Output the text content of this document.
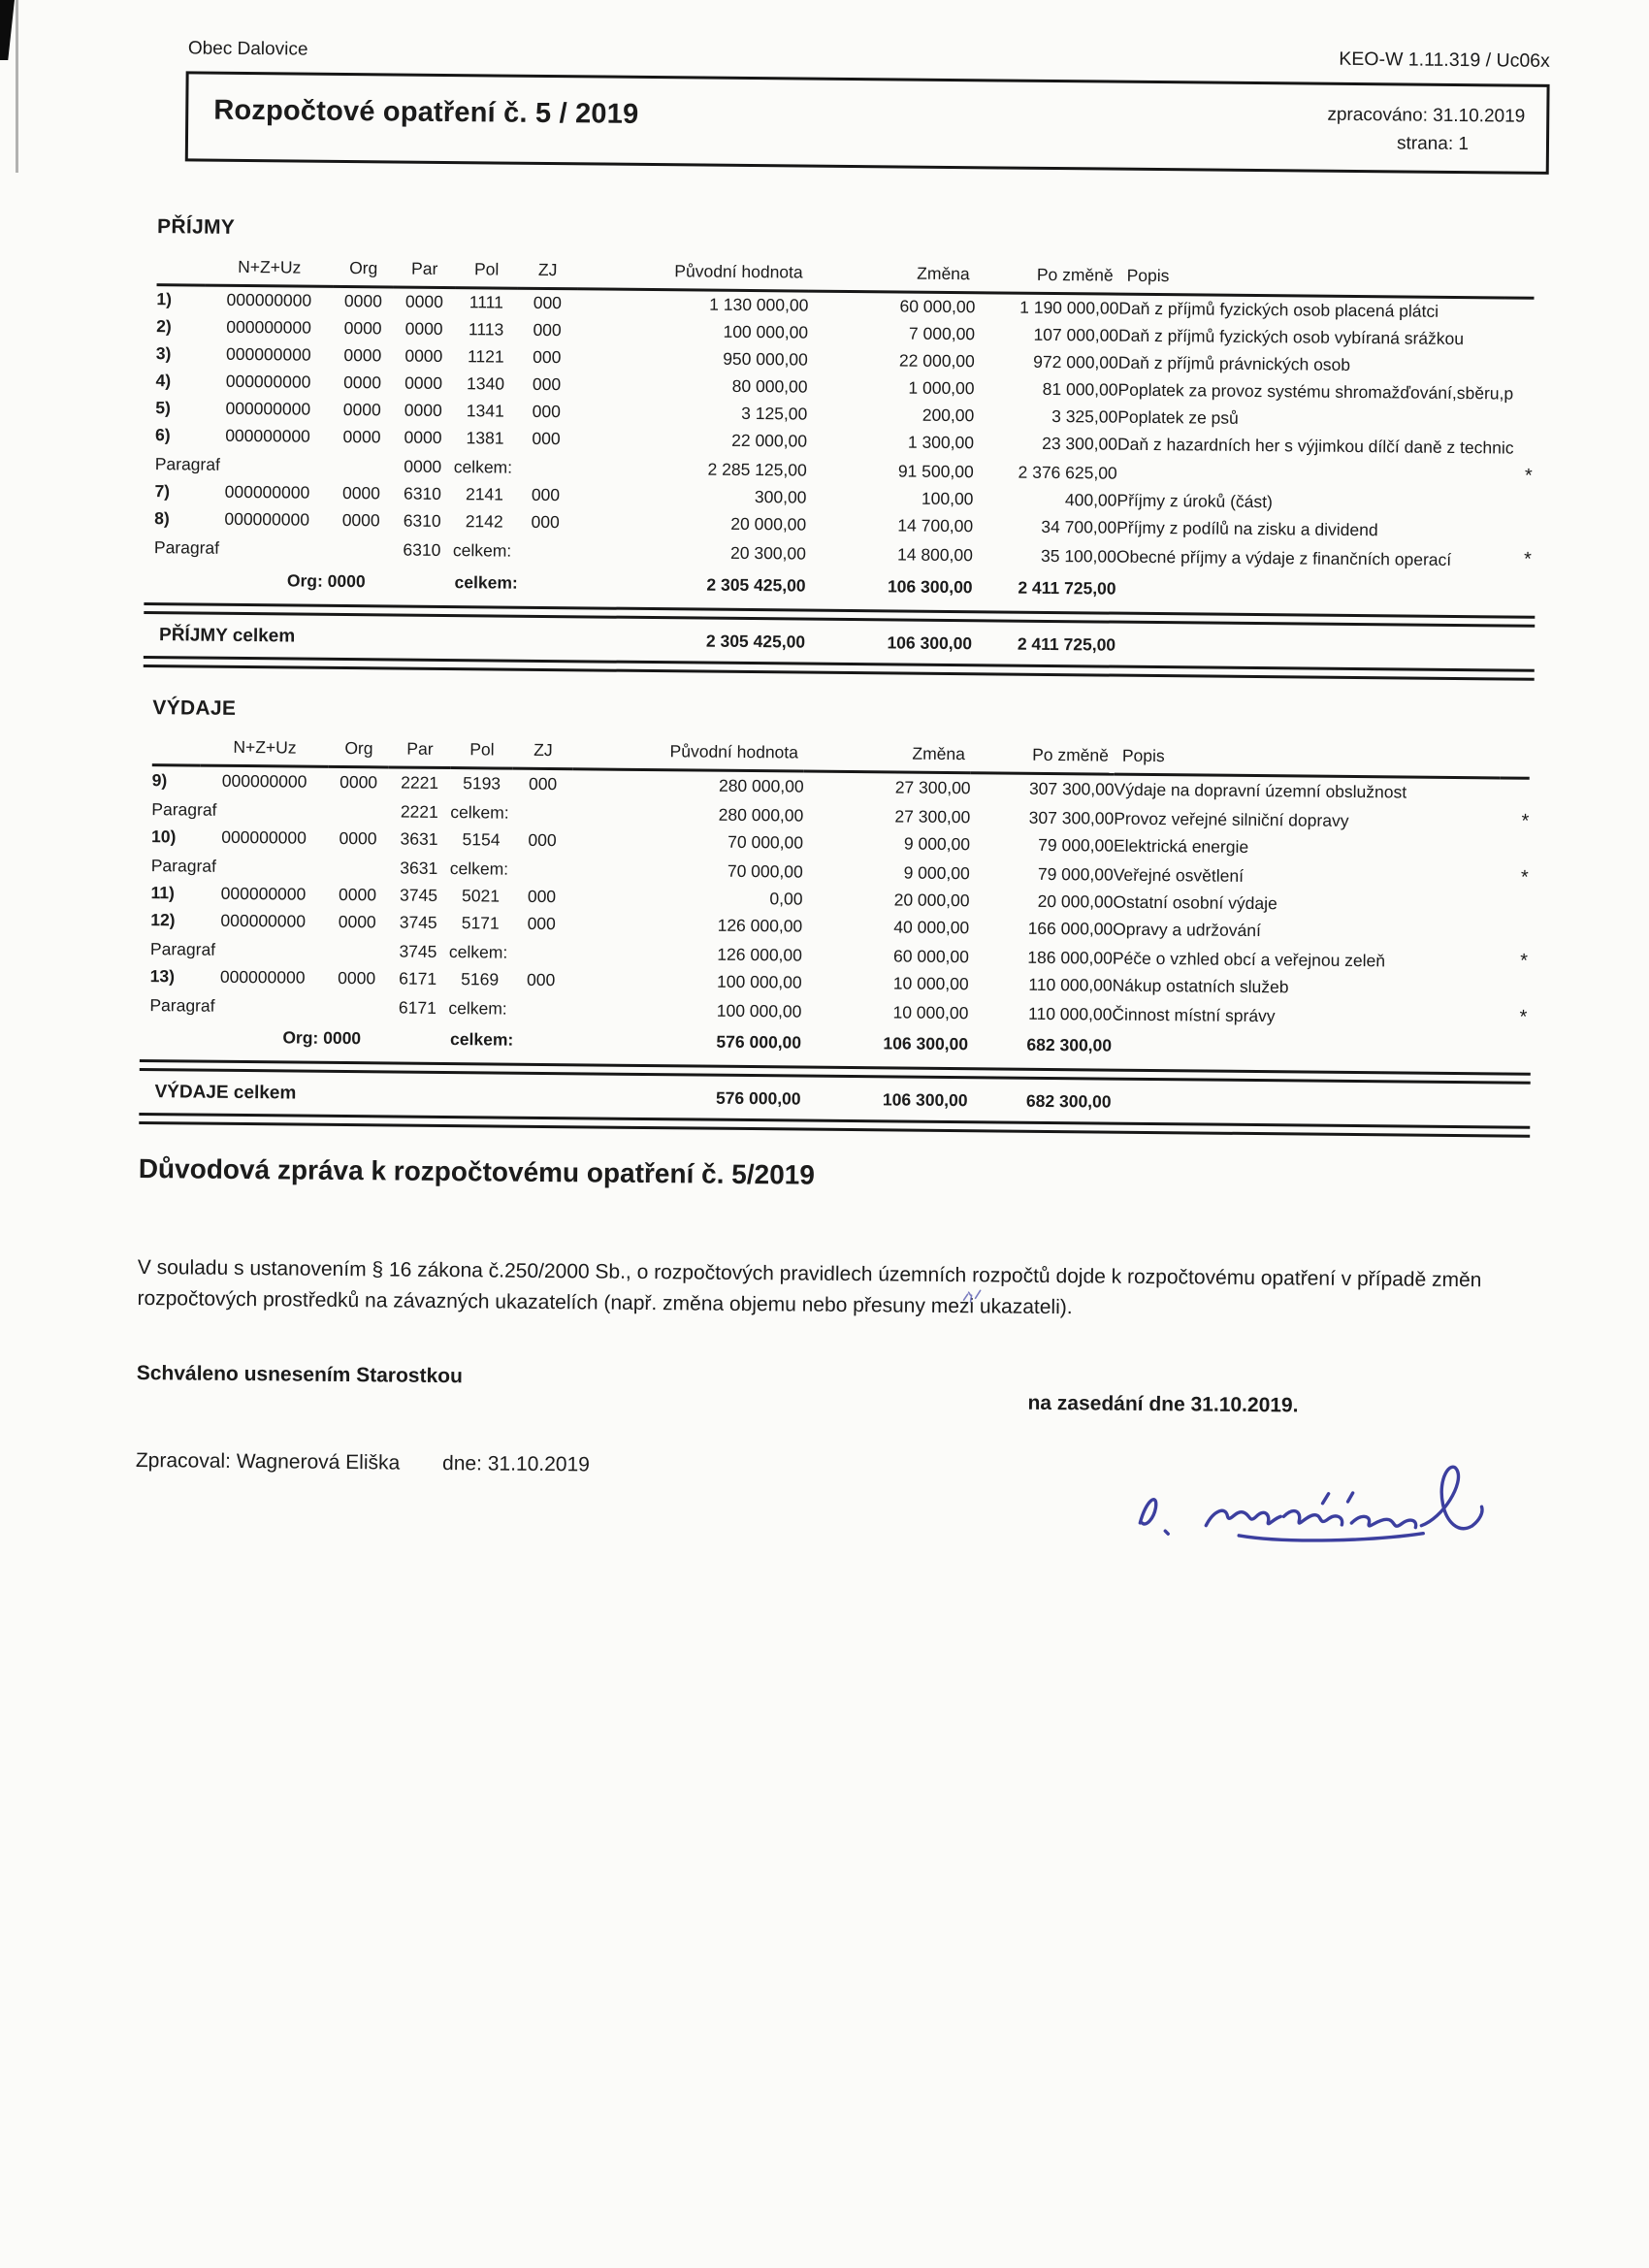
Obec Dalovice	KEO-W 1.11.319 / Uc06x
Rozpočtové opatření č. 5 / 2019	zpracováno: 31.10.2019
strana: 1
PŘÍJMY
	N+Z+Uz	Org	Par	Pol	ZJ	Původní hodnota	Změna	Po změně	Popis	
1)	000000000	0000	0000	1111	000	1 130 000,00	60 000,00	1 190 000,00	Daň z příjmů fyzických osob placená plátci	
2)	000000000	0000	0000	1113	000	100 000,00	7 000,00	107 000,00	Daň z příjmů fyzických osob vybíraná srážkou	
3)	000000000	0000	0000	1121	000	950 000,00	22 000,00	972 000,00	Daň z příjmů právnických osob	
4)	000000000	0000	0000	1340	000	80 000,00	1 000,00	81 000,00	Poplatek za provoz systému shromažďování,sběru,p	
5)	000000000	0000	0000	1341	000	3 125,00	200,00	3 325,00	Poplatek ze psů	
6)	000000000	0000	0000	1381	000	22 000,00	1 300,00	23 300,00	Daň z hazardních her s výjimkou dílčí daně z technic	
Paragraf			0000	celkem:		2 285 125,00	91 500,00	2 376 625,00		*
7)	000000000	0000	6310	2141	000	300,00	100,00	400,00	Příjmy z úroků (část)	
8)	000000000	0000	6310	2142	000	20 000,00	14 700,00	34 700,00	Příjmy z podílů na zisku a dividend	
Paragraf			6310	celkem:		20 300,00	14 800,00	35 100,00	Obecné příjmy a výdaje z finančních operací	*
Org: 0000				celkem:		2 305 425,00	106 300,00	2 411 725,00		
PŘÍJMY celkem	2 305 425,00	106 300,00	2 411 725,00		
VÝDAJE
	N+Z+Uz	Org	Par	Pol	ZJ	Původní hodnota	Změna	Po změně	Popis	
9)	000000000	0000	2221	5193	000	280 000,00	27 300,00	307 300,00	Výdaje na dopravní územní obslužnost	
Paragraf			2221	celkem:		280 000,00	27 300,00	307 300,00	Provoz veřejné silniční dopravy	*
10)	000000000	0000	3631	5154	000	70 000,00	9 000,00	79 000,00	Elektrická energie	
Paragraf			3631	celkem:		70 000,00	9 000,00	79 000,00	Veřejné osvětlení	*
11)	000000000	0000	3745	5021	000	0,00	20 000,00	20 000,00	Ostatní osobní výdaje	
12)	000000000	0000	3745	5171	000	126 000,00	40 000,00	166 000,00	Opravy a udržování	
Paragraf			3745	celkem:		126 000,00	60 000,00	186 000,00	Péče o vzhled obcí a veřejnou zeleň	*
13)	000000000	0000	6171	5169	000	100 000,00	10 000,00	110 000,00	Nákup ostatních služeb	
Paragraf			6171	celkem:		100 000,00	10 000,00	110 000,00	Činnost místní správy	*
Org: 0000				celkem:		576 000,00	106 300,00	682 300,00		
VÝDAJE celkem	576 000,00	106 300,00	682 300,00		
Důvodová zpráva k rozpočtovému opatření č. 5/2019
V souladu s ustanovením § 16 zákona č.250/2000 Sb., o rozpočtových pravidlech územních rozpočtů dojde k rozpočtovému opatření v případě změn rozpočtových prostředků na závazných ukazatelích (např. změna objemu nebo přesuny mezi ukazateli).
Schváleno usnesením Starostkou
na zasedání dne 31.10.2019.
Zpracoval: Wagnerová Eliška dne: 31.10.2019
